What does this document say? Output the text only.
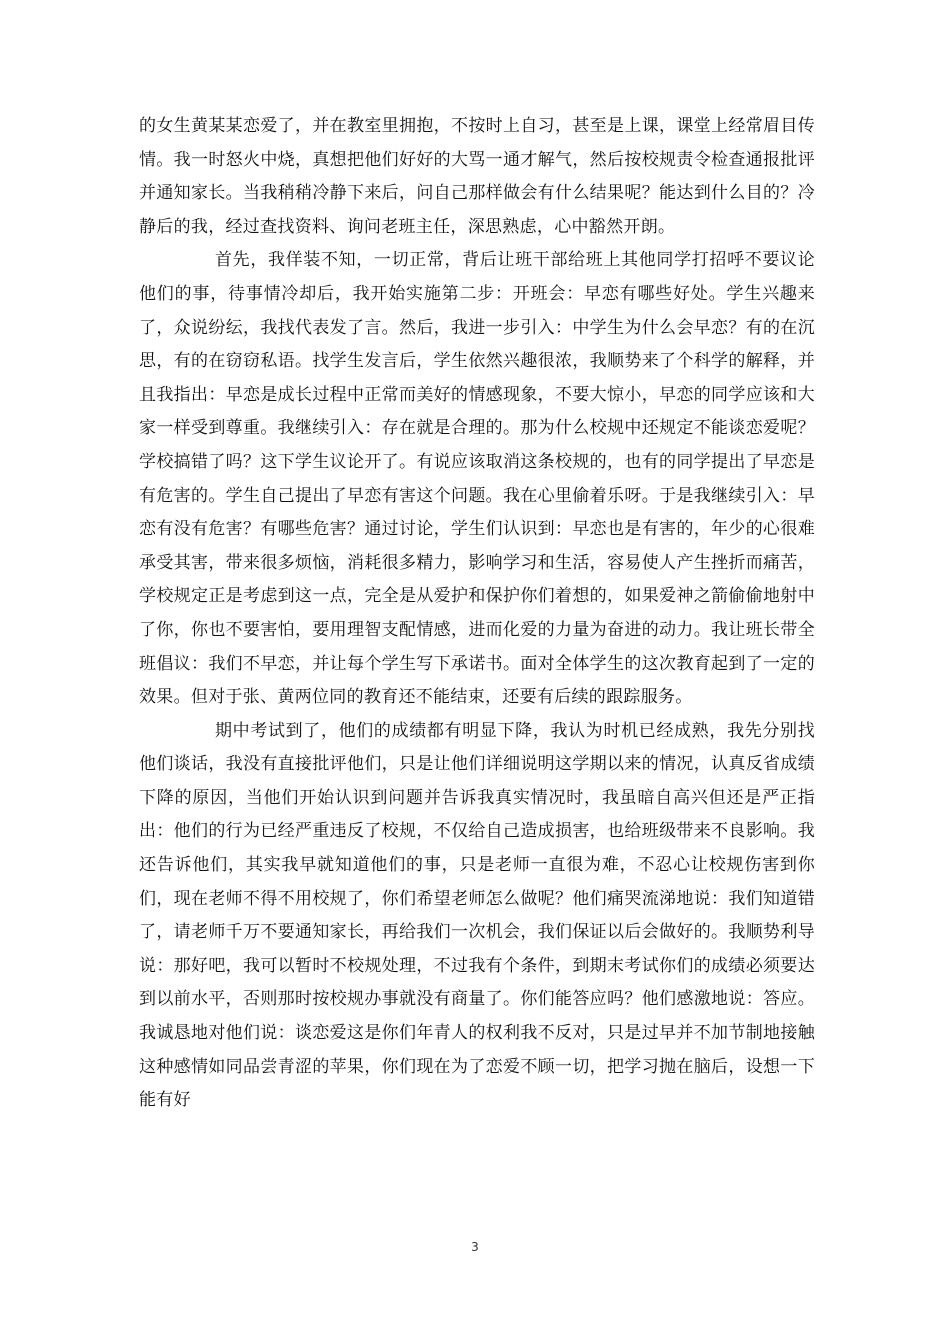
的女生黄某某恋爱了，并在教室里拥抱，不按时上自习，甚至是上课，课堂上经常眉目传情。我一时怒火中烧，真想把他们好好的大骂一通才解气，然后按校规责令检查通报批评并通知家长。当我稍稍冷静下来后，问自己那样做会有什么结果呢？能达到什么目的？冷静后的我，经过查找资料、询问老班主任，深思熟虑，心中豁然开朗。

首先，我佯装不知，一切正常，背后让班干部给班上其他同学打招呼不要议论他们的事，待事情冷却后，我开始实施第二步：开班会：早恋有哪些好处。学生兴趣来了，众说纷纭，我找代表发了言。然后，我进一步引入：中学生为什么会早恋？有的在沉思，有的在窃窃私语。找学生发言后，学生依然兴趣很浓，我顺势来了个科学的解释，并且我指出：早恋是成长过程中正常而美好的情感现象，不要大惊小，早恋的同学应该和大家一样受到尊重。我继续引入：存在就是合理的。那为什么校规中还规定不能谈恋爱呢？学校搞错了吗？这下学生议论开了。有说应该取消这条校规的，也有的同学提出了早恋是有危害的。学生自己提出了早恋有害这个问题。我在心里偷着乐呀。于是我继续引入：早恋有没有危害？有哪些危害？通过讨论，学生们认识到：早恋也是有害的，年少的心很难承受其害，带来很多烦恼，消耗很多精力，影响学习和生活，容易使人产生挫折而痛苦，学校规定正是考虑到这一点，完全是从爱护和保护你们着想的，如果爱神之箭偷偷地射中了你，你也不要害怕，要用理智支配情感，进而化爱的力量为奋进的动力。我让班长带全班倡议：我们不早恋，并让每个学生写下承诺书。面对全体学生的这次教育起到了一定的效果。但对于张、黄两位同的教育还不能结束，还要有后续的跟踪服务。

期中考试到了，他们的成绩都有明显下降，我认为时机已经成熟，我先分别找他们谈话，我没有直接批评他们，只是让他们详细说明这学期以来的情况，认真反省成绩下降的原因，当他们开始认识到问题并告诉我真实情况时，我虽暗自高兴但还是严正指出：他们的行为已经严重违反了校规，不仅给自己造成损害，也给班级带来不良影响。我还告诉他们，其实我早就知道他们的事，只是老师一直很为难，不忍心让校规伤害到你们，现在老师不得不用校规了，你们希望老师怎么做呢？他们痛哭流涕地说：我们知道错了，请老师千万不要通知家长，再给我们一次机会，我们保证以后会做好的。我顺势利导说：那好吧，我可以暂时不校规处理，不过我有个条件，到期末考试你们的成绩必须要达到以前水平，否则那时按校规办事就没有商量了。你们能答应吗？他们感激地说：答应。我诚恳地对他们说：谈恋爱这是你们年青人的权利我不反对，只是过早并不加节制地接触这种感情如同品尝青涩的苹果，你们现在为了恋爱不顾一切，把学习抛在脑后，设想一下能有好

3
